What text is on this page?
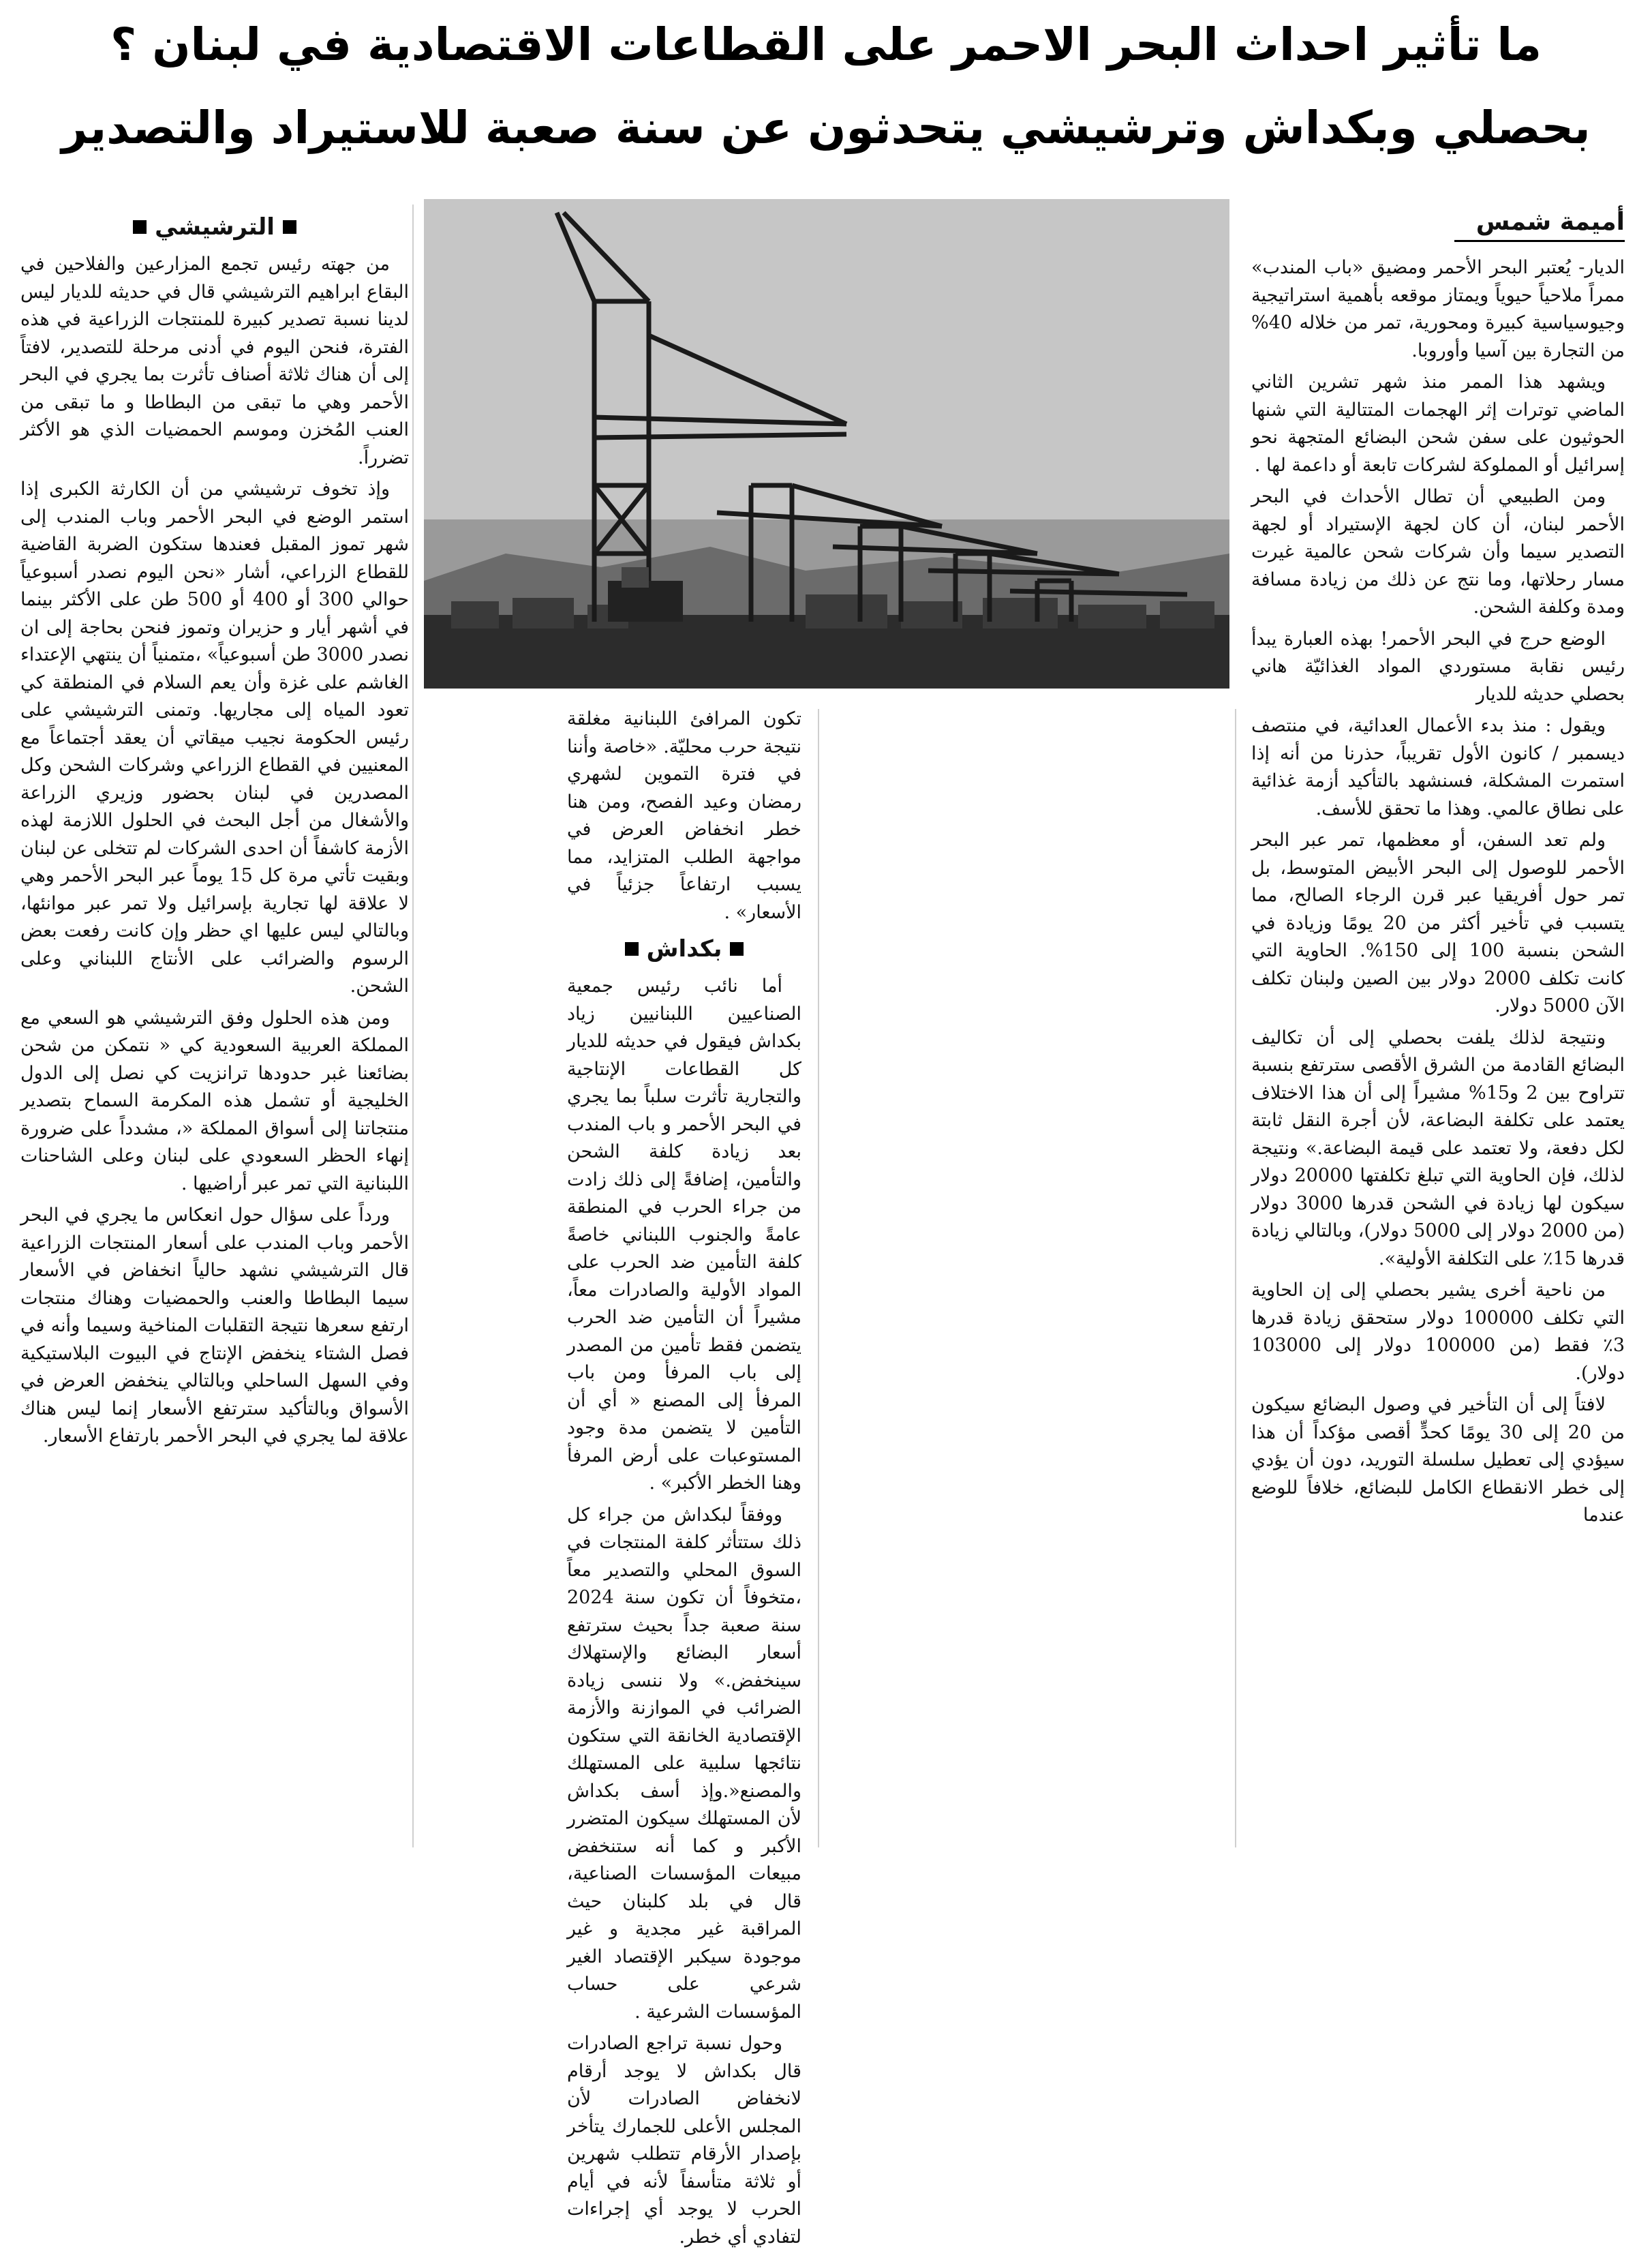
ما تأثير احداث البحر الاحمر على القطاعات الاقتصادية في لبنان ؟
بحصلي وبكداش وترشيشي يتحدثون عن سنة صعبة للاستيراد والتصدير
أميمة شمس

الديار- يُعتبر البحر الأحمر ومضيق «باب المندب» ممراً ملاحياً حيوياً ويمتاز موقعه بأهمية استراتيجية وجيوسياسية كبيرة ومحورية، تمر من خلاله 40% من التجارة بين آسيا وأوروبا.

ويشهد هذا الممر منذ شهر تشرين الثاني الماضي توترات إثر الهجمات المتتالية التي شنها الحوثيون على سفن شحن البضائع المتجهة نحو إسرائيل أو المملوكة لشركات تابعة أو داعمة لها .

ومن الطبيعي أن تطال الأحداث في البحر الأحمر لبنان، أن كان لجهة الإستيراد أو لجهة التصدير سيما وأن شركات شحن عالمية غيرت مسار رحلاتها، وما نتج عن ذلك من زيادة مسافة ومدة وكلفة الشحن.

الوضع حرج في البحر الأحمر! بهذه العبارة يبدأ رئيس نقابة مستوردي المواد الغذائيّة هاني بحصلي حديثه للديار

ويقول : منذ بدء الأعمال العدائية، في منتصف ديسمبر / كانون الأول تقريباً، حذرنا من أنه إذا استمرت المشكلة، فسنشهد بالتأكيد أزمة غذائية على نطاق عالمي. وهذا ما تحقق للأسف.

ولم تعد السفن، أو معظمها، تمر عبر البحر الأحمر للوصول إلى البحر الأبيض المتوسط، بل تمر حول أفريقيا عبر قرن الرجاء الصالح، مما يتسبب في تأخير أكثر من 20 يومًا وزيادة في الشحن بنسبة 100 إلى 150%. الحاوية التي كانت تكلف 2000 دولار بين الصين ولبنان تكلف الآن 5000 دولار.

ونتيجة لذلك يلفت بحصلي إلى أن تكاليف البضائع القادمة من الشرق الأقصى سترتفع بنسبة تتراوح بين 2 و15% مشيراً إلى أن هذا الاختلاف يعتمد على تكلفة البضاعة، لأن أجرة النقل ثابتة لكل دفعة، ولا تعتمد على قيمة البضاعة.» ونتيجة لذلك، فإن الحاوية التي تبلغ تكلفتها 20000 دولار سيكون لها زيادة في الشحن قدرها 3000 دولار (من 2000 دولار إلى 5000 دولار)، وبالتالي زيادة قدرها 15٪ على التكلفة الأولية».

من ناحية أخرى يشير بحصلي إلى إن الحاوية التي تكلف 100000 دولار ستحقق زيادة قدرها 3٪ فقط (من 100000 دولار إلى 103000 دولار).

لافتاً إلى أن التأخير في وصول البضائع سيكون من 20 إلى 30 يومًا كحدٍّ أقصى مؤكداً أن هذا سيؤدي إلى تعطيل سلسلة التوريد، دون أن يؤدي إلى خطر الانقطاع الكامل للبضائع، خلافاً للوضع عندما

تكون المرافئ اللبنانية مغلقة نتيجة حرب محليّة. «خاصة وأننا في فترة التموين لشهري رمضان وعيد الفصح، ومن هنا خطر انخفاض العرض في مواجهة الطلب المتزايد، مما يسبب ارتفاعاً جزئياً في الأسعار» .

بكداش

أما نائب رئيس جمعية الصناعيين اللبنانيين زياد بكداش فيقول في حديثه للديار كل القطاعات الإنتاجية والتجارية تأثرت سلباً بما يجري في البحر الأحمر و باب المندب بعد زيادة كلفة الشحن والتأمين، إضافةً إلى ذلك زادت من جراء الحرب في المنطقة عامةً والجنوب اللبناني خاصةً كلفة التأمين ضد الحرب على المواد الأولية والصادرات معاً، مشيراً أن التأمين ضد الحرب يتضمن فقط تأمين من المصدر إلى باب المرفأ ومن باب المرفأ إلى المصنع « أي أن التأمين لا يتضمن مدة وجود المستوعبات على أرض المرفأ وهنا الخطر الأكبر» .

ووفقاً لبكداش من جراء كل ذلك ستتأثر كلفة المنتجات في السوق المحلي والتصدير معاً ،متخوفاً أن تكون سنة 2024 سنة صعبة جداً بحيث سترتفع أسعار البضائع والإستهلاك سينخفض.» ولا ننسى زيادة الضرائب في الموازنة والأزمة الإقتصادية الخانقة التي ستكون نتائجها سلبية على المستهلك والمصنع«.وإذ أسف بكداش لأن المستهلك سيكون المتضرر الأكبر و كما أنه ستنخفض مبيعات المؤسسات الصناعية، قال في بلد كلبنان حيث المراقبة غير مجدية و غير موجودة سيكبر الإقتصاد الغير شرعي على حساب المؤسسات الشرعية .

وحول نسبة تراجع الصادرات قال بكداش لا يوجد أرقام لانخفاض الصادرات لأن المجلس الأعلى للجمارك يتأخر بإصدار الأرقام تتطلب شهرين أو ثلاثة متأسفاً لأنه في أيام الحرب لا يوجد أي إجراءات لتفادي أي خطر.

الترشيشي

من جهته رئيس تجمع المزارعين والفلاحين في البقاع ابراهيم الترشيشي قال في حديثه للديار ليس لدينا نسبة تصدير كبيرة للمنتجات الزراعية في هذه الفترة، فنحن اليوم في أدنى مرحلة للتصدير، لافتاً إلى أن هناك ثلاثة أصناف تأثرت بما يجري في البحر الأحمر وهي ما تبقى من البطاطا و ما تبقى من العنب المُخزن وموسم الحمضيات الذي هو الأكثر تضرراً.

وإذ تخوف ترشيشي من أن الكارثة الكبرى إذا استمر الوضع في البحر الأحمر وباب المندب إلى شهر تموز المقبل فعندها ستكون الضربة القاضية للقطاع الزراعي، أشار «نحن اليوم نصدر أسبوعياً حوالي 300 أو 400 أو 500 طن على الأكثر بينما في أشهر أيار و حزيران وتموز فنحن بحاجة إلى ان نصدر 3000 طن أسبوعياً» ،متمنياً أن ينتهي الإعتداء الغاشم على غزة وأن يعم السلام في المنطقة كي تعود المياه إلى مجاريها. وتمنى الترشيشي على رئيس الحكومة نجيب ميقاتي أن يعقد أجتماعاً مع المعنيين في القطاع الزراعي وشركات الشحن وكل المصدرين في لبنان بحضور وزيري الزراعة والأشغال من أجل البحث في الحلول اللازمة لهذه الأزمة كاشفاً أن احدى الشركات لم تتخلى عن لبنان وبقيت تأتي مرة كل 15 يوماً عبر البحر الأحمر وهي لا علاقة لها تجارية بإسرائيل ولا تمر عبر موانئها، وبالتالي ليس عليها اي حظر وإن كانت رفعت بعض الرسوم والضرائب على الأنتاج اللبناني وعلى الشحن.

ومن هذه الحلول وفق الترشيشي هو السعي مع المملكة العربية السعودية كي « نتمكن من شحن بضائعنا غبر حدودها ترانزيت كي نصل إلى الدول الخليجية أو تشمل هذه المكرمة السماح بتصدير منتجاتنا إلى أسواق المملكة «، مشدداً على ضرورة إنهاء الحظر السعودي على لبنان وعلى الشاحنات اللبنانية التي تمر عبر أراضيها .

ورداً على سؤال حول انعكاس ما يجري في البحر الأحمر وباب المندب على أسعار المنتجات الزراعية قال الترشيشي نشهد حالياً انخفاض في الأسعار سيما البطاطا والعنب والحمضيات وهناك منتجات ارتفع سعرها نتيجة التقلبات المناخية وسيما وأنه في فصل الشتاء ينخفض الإنتاج في البيوت البلاستيكية وفي السهل الساحلي وبالتالي ينخفض العرض في الأسواق وبالتأكيد سترتفع الأسعار إنما ليس هناك علاقة لما يجري في البحر الأحمر بارتفاع الأسعار.
